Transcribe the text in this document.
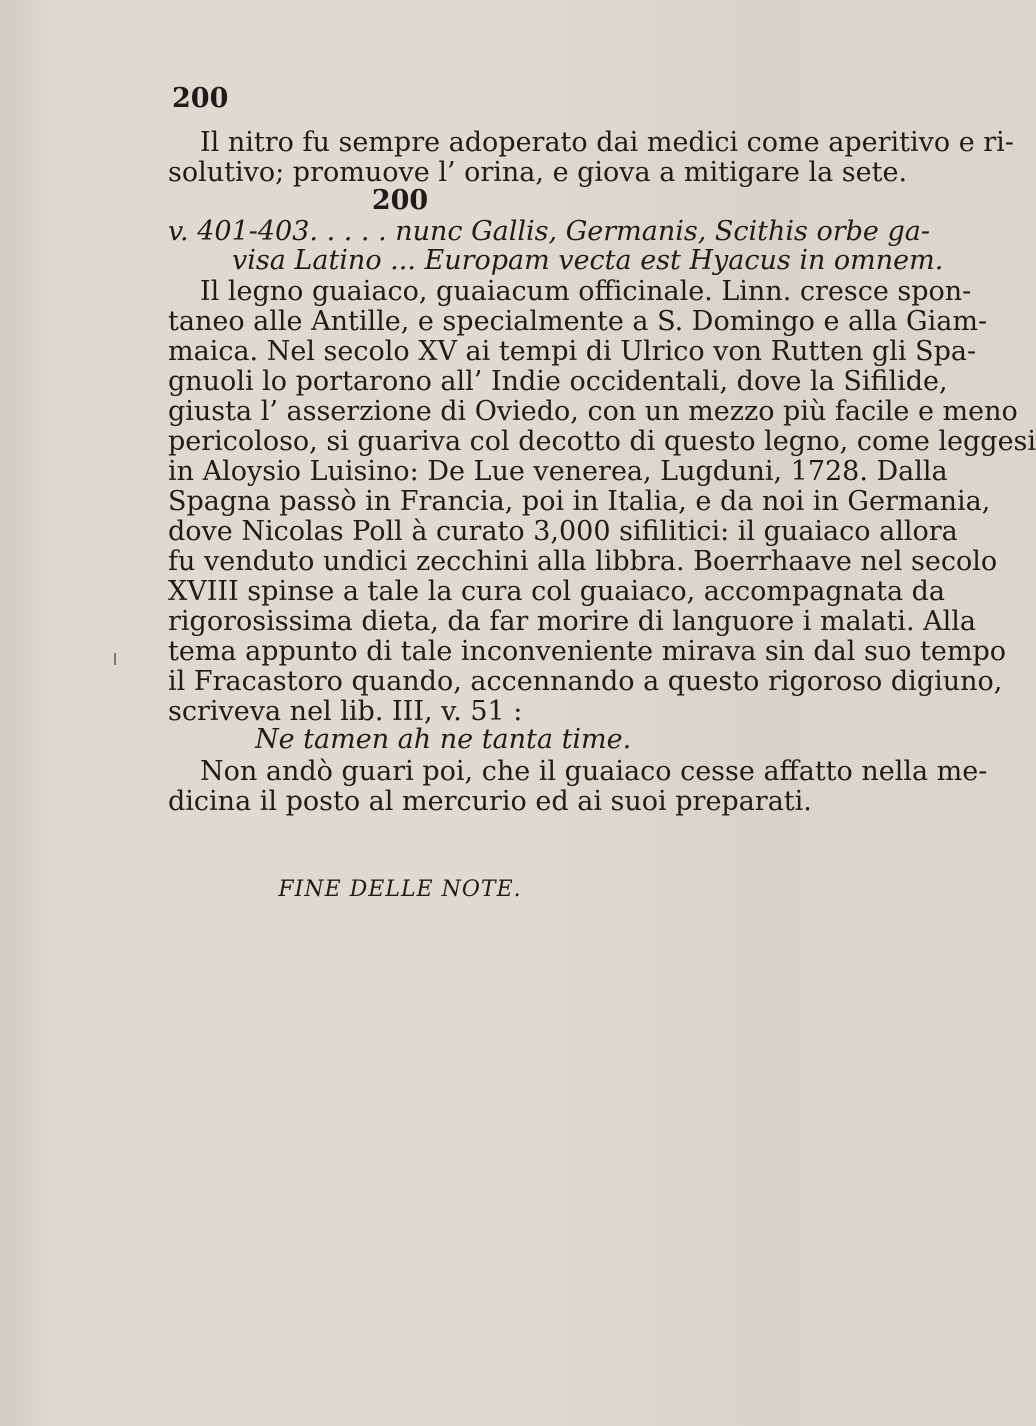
200
Il nitro fu sempre adoperato dai medici come aperitivo e ri-
solutivo; promuove l’ orina, e giova a mitigare la sete.
200
v. 401-403. . . . . nunc Gallis, Germanis, Scithis orbe ga-
visa Latino ... Europam vecta est Hyacus in omnem.
Il legno guaiaco, guaiacum officinale. Linn. cresce spon-
taneo alle Antille, e specialmente a S. Domingo e alla Giam-
maica. Nel secolo XV ai tempi di Ulrico von Rutten gli Spa-
gnuoli lo portarono all’ Indie occidentali, dove la Sifilide,
giusta l’ asserzione di Oviedo, con un mezzo più facile e meno
pericoloso, si guariva col decotto di questo legno, come leggesi
in Aloysio Luisino: De Lue venerea, Lugduni, 1728. Dalla
Spagna passò in Francia, poi in Italia, e da noi in Germania,
dove Nicolas Poll à curato 3,000 sifilitici: il guaiaco allora
fu venduto undici zecchini alla libbra. Boerrhaave nel secolo
XVIII spinse a tale la cura col guaiaco, accompagnata da
rigorosissima dieta, da far morire di languore i malati. Alla
tema appunto di tale inconveniente mirava sin dal suo tempo
il Fracastoro quando, accennando a questo rigoroso digiuno,
scriveva nel lib. III, v. 51 :
Ne tamen ah ne tanta time.
Non andò guari poi, che il guaiaco cesse affatto nella me-
dicina il posto al mercurio ed ai suoi preparati.
FINE DELLE NOTE.
